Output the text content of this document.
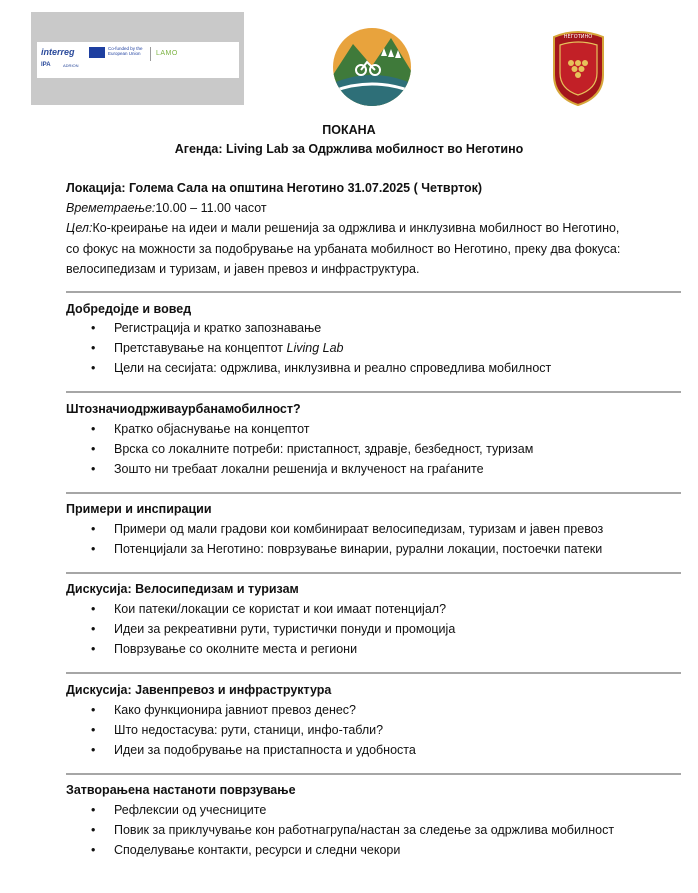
interreg
IPA	ADRION
Co-funded by the European Union	LAMO
НЕГОТИНО
ПОКАНА
Агенда: Living Lab за Одржлива мобилност во Неготино
Локација: Голема Сала на општина Неготино 31.07.2025 ( Четврток)
Времетраење:10.00 – 11.00 часот
Цел:Ко-креирање на идеи и мали решенија за одржлива и инклузивна мобилност во Неготино,
со фокус на можности за подобрување на урбаната мобилност во Неготино, преку два фокуса:
велосипедизам и туризам, и јавен превоз и инфраструктура.
Добредојде и вовед
• Регистрација и кратко запознавање
• Претставување на концептот Living Lab
• Цели на сесијата: одржлива, инклузивна и реално спроведлива мобилност
Штозначиодрживаурбанамобилност?
• Кратко објаснување на концептот
• Врска со локалните потреби: пристапност, здравје, безбедност, туризам
• Зошто ни требаат локални решенија и вклученост на граѓаните
Примери и инспирации
• Примери од мали градови кои комбинираат велосипедизам, туризам и јавен превоз
• Потенцијали за Неготино: поврзување винарии, рурални локации, постоечки патеки
Дискусија: Велосипедизам и туризам
• Кои патеки/локации се користат и кои имаат потенцијал?
• Идеи за рекреативни рути, туристички понуди и промоција
• Поврзување со околните места и региони
Дискусија: Јавенпревоз и инфраструктура
• Како функционира јавниот превоз денес?
• Што недостасува: рути, станици, инфо-табли?
• Идеи за подобрување на пристапноста и удобноста
Затворањена настаноти поврзување
• Рефлексии од учесниците
• Повик за приклучување кон работнагрупа/настан за следење за одржлива мобилност
• Споделување контакти, ресурси и следни чекори
